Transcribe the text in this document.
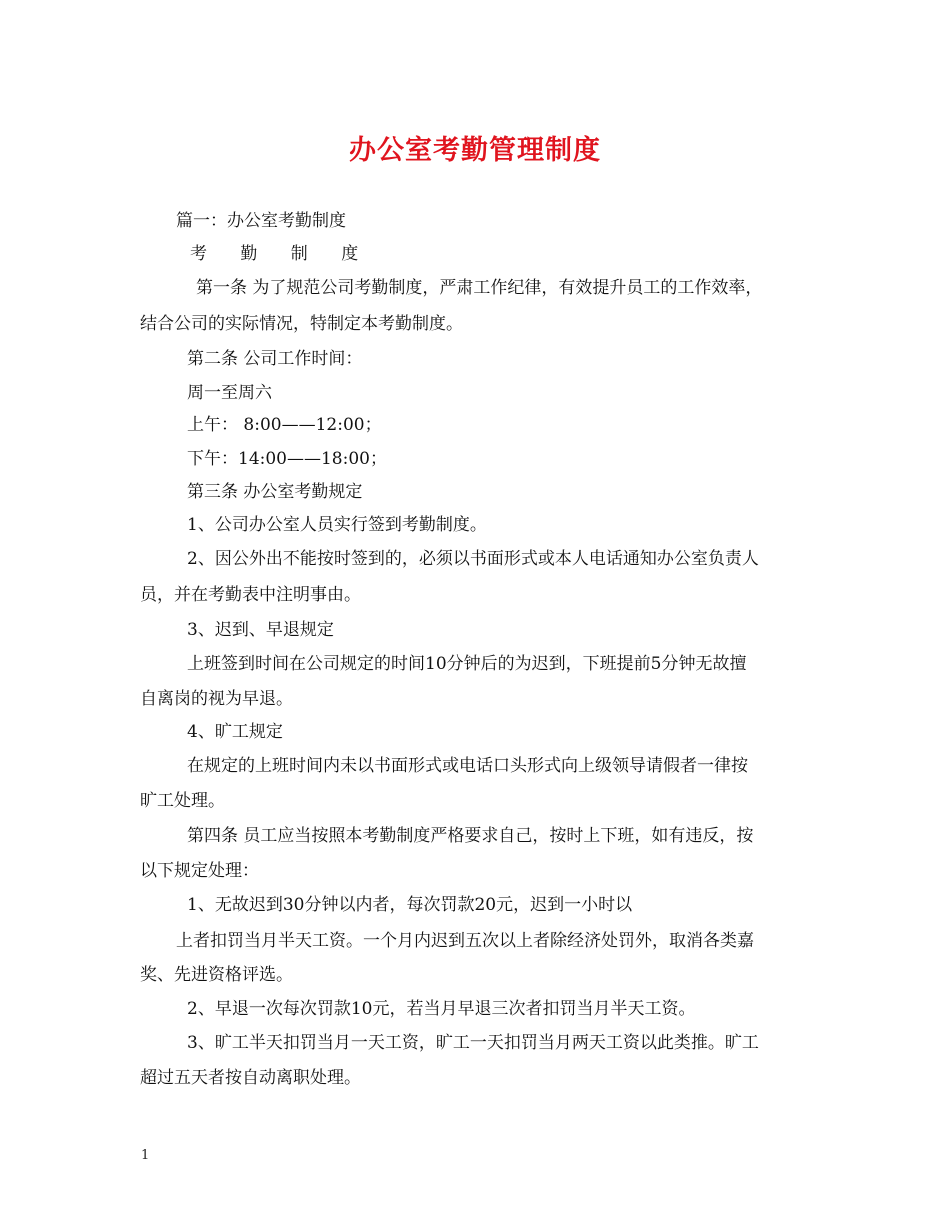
办公室考勤管理制度
篇一：办公室考勤制度
考 勤 制 度
第一条 为了规范公司考勤制度，严肃工作纪律，有效提升员工的工作效率，
结合公司的实际情况，特制定本考勤制度。
第二条 公司工作时间：
周一至周六
上午： 8:00——12:00；
下午：14:00——18:00；
第三条 办公室考勤规定
1、公司办公室人员实行签到考勤制度。
2、因公外出不能按时签到的，必须以书面形式或本人电话通知办公室负责人
员，并在考勤表中注明事由。
3、迟到、早退规定
上班签到时间在公司规定的时间10分钟后的为迟到，下班提前5分钟无故擅
自离岗的视为早退。
4、旷工规定
在规定的上班时间内未以书面形式或电话口头形式向上级领导请假者一律按
旷工处理。
第四条 员工应当按照本考勤制度严格要求自己，按时上下班，如有违反，按
以下规定处理：
1、无故迟到30分钟以内者，每次罚款20元，迟到一小时以
上者扣罚当月半天工资。一个月内迟到五次以上者除经济处罚外，取消各类嘉
奖、先进资格评选。
2、早退一次每次罚款10元，若当月早退三次者扣罚当月半天工资。
3、旷工半天扣罚当月一天工资，旷工一天扣罚当月两天工资以此类推。旷工
超过五天者按自动离职处理。
1
